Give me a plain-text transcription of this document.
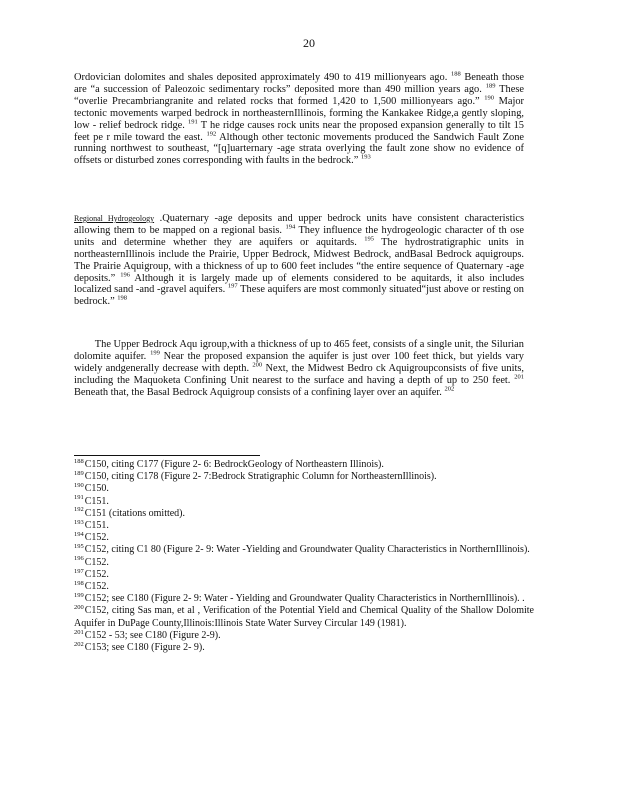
20

Ordovician dolomites and shales deposited approximately 490 to 419 millionyears ago. $^{188}$ Beneath those are “a succession of Paleozoic sedimentary rocks” deposited more than 490 million years ago. $^{189}$ These “overlie Precambriangranite and related rocks that formed 1,420 to 1,500 millionyears ago.” $^{190}$ Major tectonic movements warped bedrock in northeasternIllinois, forming the Kankakee Ridge,a gently sloping, low - relief bedrock ridge. $^{191}$ T he ridge causes rock units near the proposed expansion generally to tilt 15 feet pe r mile toward the east. $^{192}$ Although other tectonic movements produced the Sandwich Fault Zone running northwest to southeast, “[q]uarternary -age strata overlying the fault zone show no evidence of offsets or disturbed zones corresponding with faults in the bedrock.” $^{193}$

Regional Hydrogeology .Quaternary -age deposits and upper bedrock units have consistent characteristics allowing them to be mapped on a regional basis. $^{194}$ They influence the hydrogeologic character of th ose units and determine whether they are aquifers or aquitards. $^{195}$ The hydrostratigraphic units in northeasternIllinois include the Prairie, Upper Bedrock, Midwest Bedrock, andBasal Bedrock aquigroups. The Prairie Aquigroup, with a thickness of up to 600 feet includes “the entire sequence of Quaternary -age deposits.” $^{196}$ Although it is largely made up of elements considered to be aquitards, it also includes localized sand -and -gravel aquifers. $^{197}$ These aquifers are most commonly situated“just above or resting on bedrock.” $^{198}$

  The Upper Bedrock Aqu igroup,with a thickness of up to 465 feet, consists of a single unit, the Silurian dolomite aquifer. $^{199}$ Near the proposed expansion the aquifer is just over 100 feet thick, but yields vary widely andgenerally decrease with depth. $^{200}$ Next, the Midwest Bedro ck Aquigroupconsists of five units, including the Maquoketa Confining Unit nearest to the surface and having a depth of up to 250 feet. $^{201}$ Beneath that, the Basal Bedrock Aquigroup consists of a confining layer over an aquifer. $^{202}$

$^{188}$C150, citing C177 (Figure 2- 6: BedrockGeology of Northeastern Illinois).
$^{189}$C150, citing C178 (Figure 2- 7:Bedrock Stratigraphic Column for NortheasternIllinois).
$^{190}$C150.
$^{191}$C151.
$^{192}$C151 (citations omitted).
$^{193}$C151.
$^{194}$C152.
$^{195}$C152, citing C1 80 (Figure 2- 9: Water -Yielding and Groundwater Quality Characteristics in NorthernIllinois).
$^{196}$C152.
$^{197}$C152.
$^{198}$C152.
$^{199}$C152; see C180 (Figure 2- 9: Water - Yielding and Groundwater Quality Characteristics in NorthernIllinois). .
$^{200}$C152, citing Sas man, et al , Verification of the Potential Yield and Chemical Quality of the Shallow Dolomite Aquifer in DuPage County,Illinois:Illinois State Water Survey Circular 149 (1981).
$^{201}$C152 - 53; see C180 (Figure 2-9).
$^{202}$C153; see C180 (Figure 2- 9).
